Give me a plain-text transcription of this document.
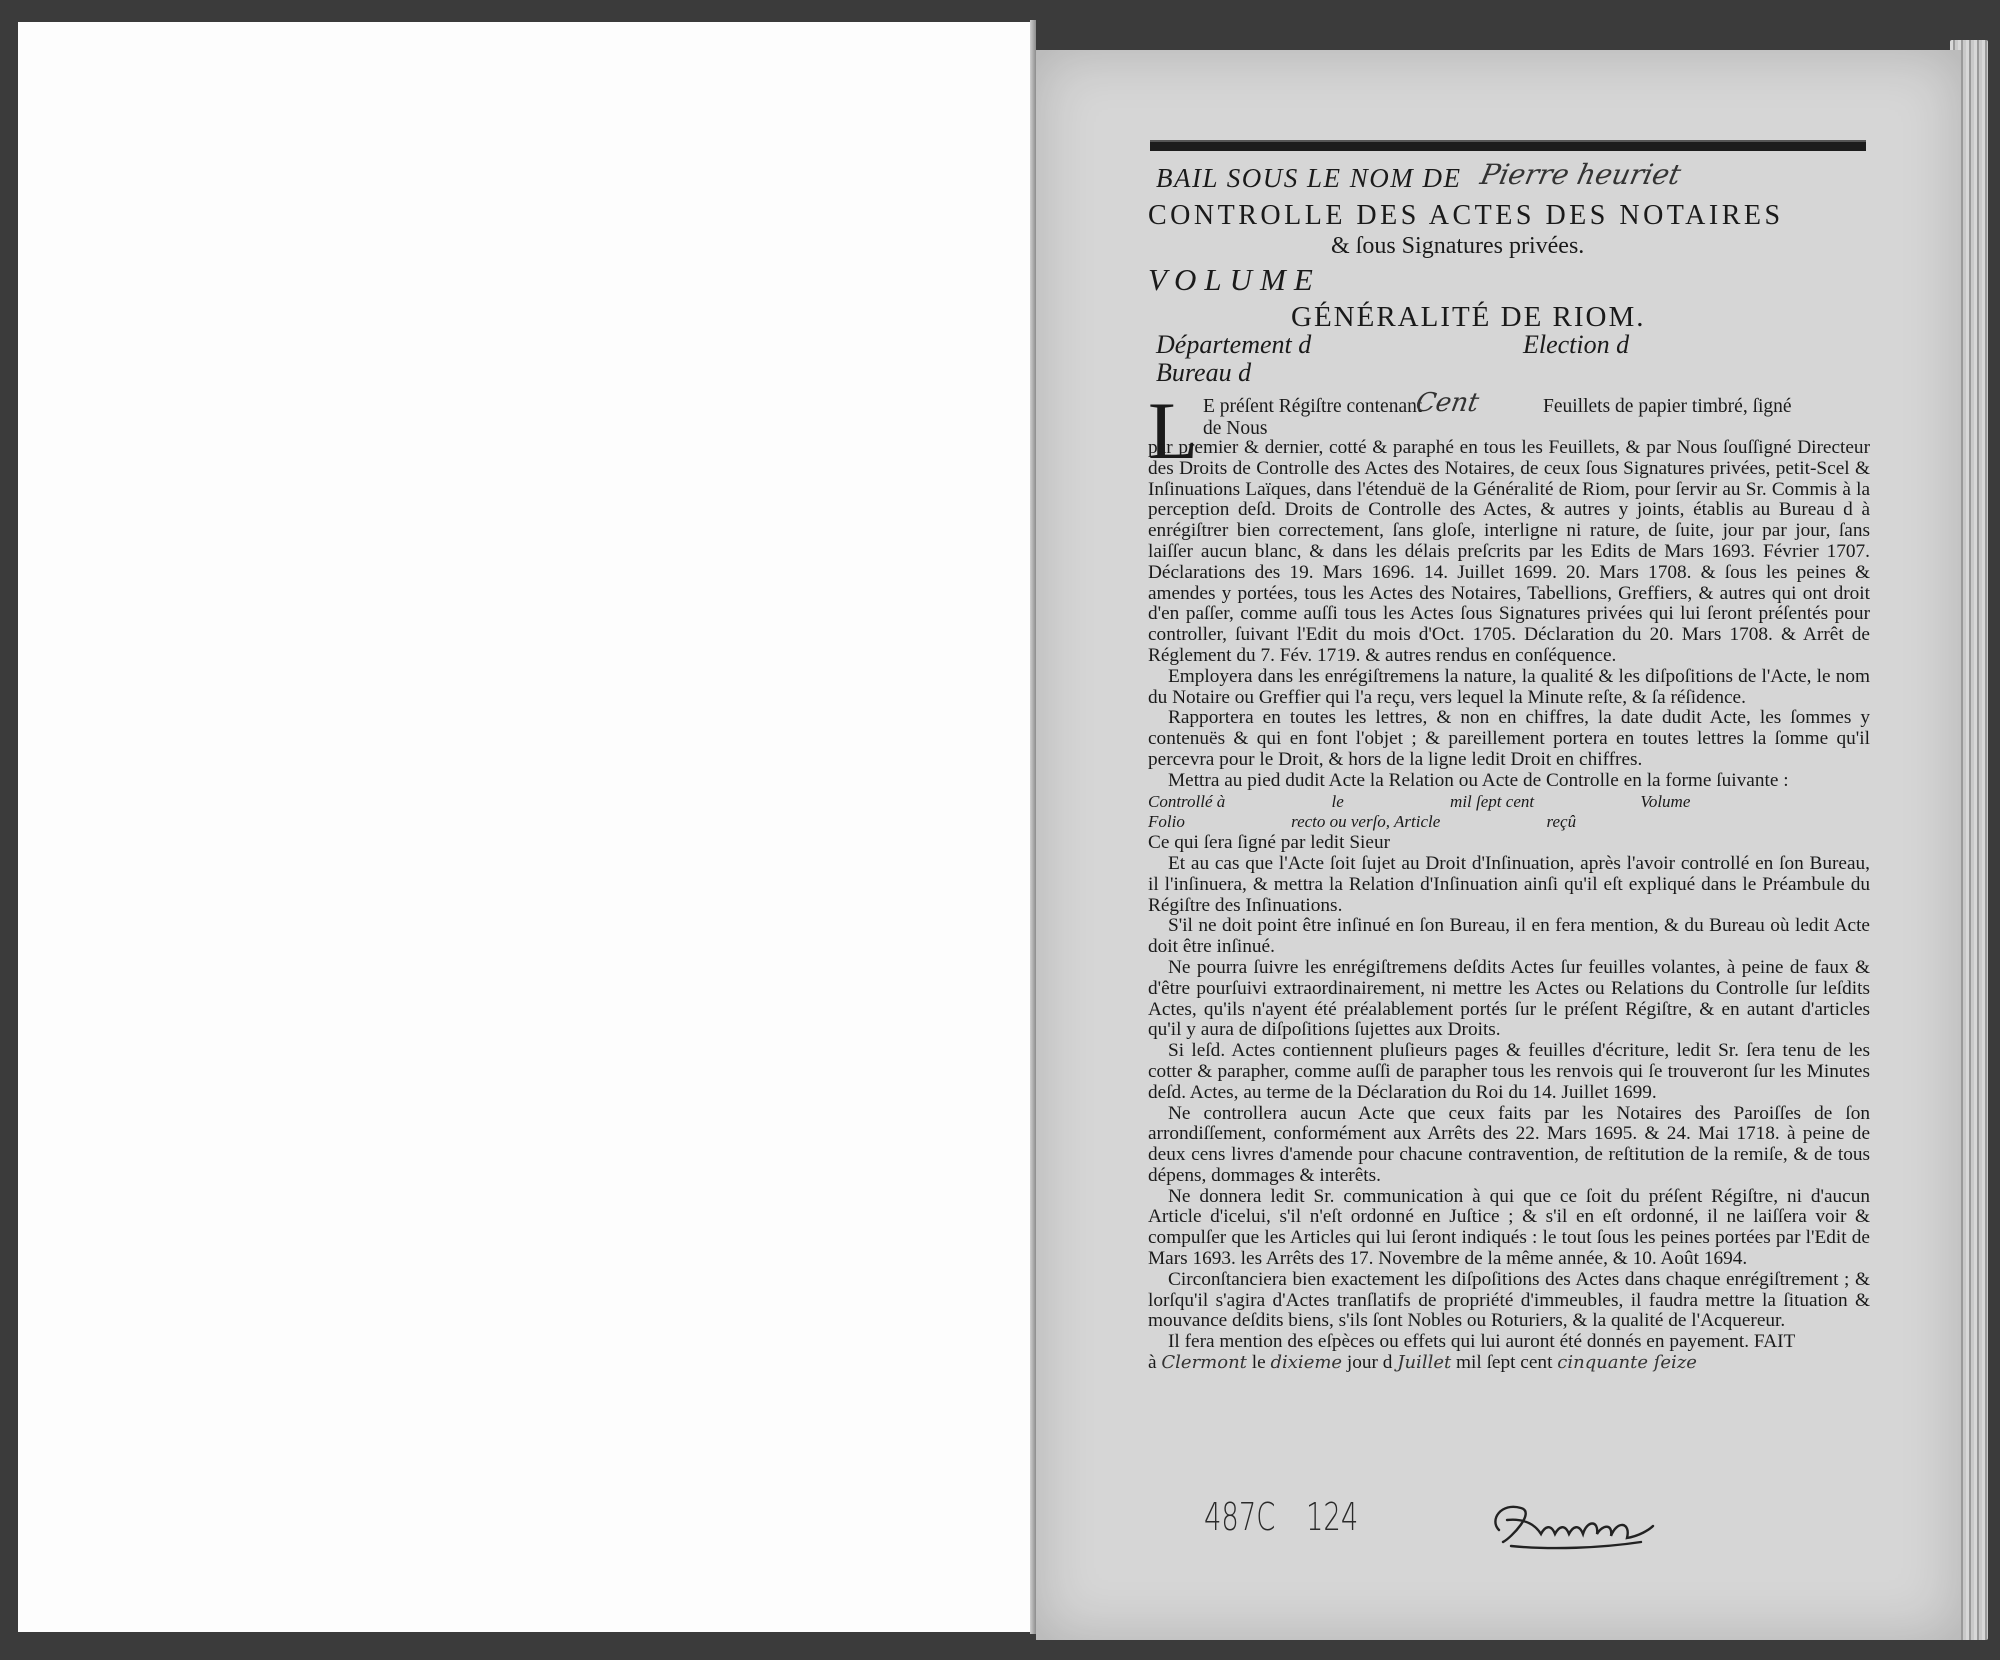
BAIL SOUS LE NOM DE Pierre heuriet
CONTROLLE DES ACTES DES NOTAIRES
& ſous Signatures privées.
VOLUME
GÉNÉRALITÉ DE RIOM.
Département d	Election d
Bureau d
L E préſent Régiſtre contenant
Cent	Feuillets de papier timbré, ſigné
de Nous

par premier & dernier, cotté & paraphé en tous les Feuillets, & par Nous ſouſſigné Directeur des Droits de Controlle des Actes des Notaires, de ceux ſous Signatures privées, petit-Scel & Inſinuations Laïques, dans l'étenduë de la Généralité de Riom, pour ſervir au Sr. Commis à la perception deſd. Droits de Controlle des Actes, & autres y joints, établis au Bureau d à enrégiſtrer bien correctement, ſans gloſe, interligne ni rature, de ſuite, jour par jour, ſans laiſſer aucun blanc, & dans les délais preſcrits par les Edits de Mars 1693. Février 1707. Déclarations des 19. Mars 1696. 14. Juillet 1699. 20. Mars 1708. & ſous les peines & amendes y portées, tous les Actes des Notaires, Tabellions, Greffiers, & autres qui ont droit d'en paſſer, comme auſſi tous les Actes ſous Signatures privées qui lui ſeront préſentés pour controller, ſuivant l'Edit du mois d'Oct. 1705. Déclaration du 20. Mars 1708. & Arrêt de Réglement du 7. Fév. 1719. & autres rendus en conſéquence.

Employera dans les enrégiſtremens la nature, la qualité & les diſpoſitions de l'Acte, le nom du Notaire ou Greffier qui l'a reçu, vers lequel la Minute reſte, & ſa réſidence.

Rapportera en toutes les lettres, & non en chiffres, la date dudit Acte, les ſommes y contenuës & qui en font l'objet ; & pareillement portera en toutes lettres la ſomme qu'il percevra pour le Droit, & hors de la ligne ledit Droit en chiffres.

Mettra au pied dudit Acte la Relation ou Acte de Controlle en la forme ſuivante :

Controllé à                         le                         mil ſept cent                         Volume

Folio                         recto ou verſo, Article                         reçû

Ce qui ſera ſigné par ledit Sieur

Et au cas que l'Acte ſoit ſujet au Droit d'Inſinuation, après l'avoir controllé en ſon Bureau, il l'inſinuera, & mettra la Relation d'Inſinuation ainſi qu'il eſt expliqué dans le Préambule du Régiſtre des Inſinuations.

S'il ne doit point être inſinué en ſon Bureau, il en fera mention, & du Bureau où ledit Acte doit être inſinué.

Ne pourra ſuivre les enrégiſtremens deſdits Actes ſur feuilles volantes, à peine de faux & d'être pourſuivi extraordinairement, ni mettre les Actes ou Relations du Controlle ſur leſdits Actes, qu'ils n'ayent été préalablement portés ſur le préſent Régiſtre, & en autant d'articles qu'il y aura de diſpoſitions ſujettes aux Droits.

Si leſd. Actes contiennent pluſieurs pages & feuilles d'écriture, ledit Sr. ſera tenu de les cotter & parapher, comme auſſi de parapher tous les renvois qui ſe trouveront ſur les Minutes deſd. Actes, au terme de la Déclaration du Roi du 14. Juillet 1699.

Ne controllera aucun Acte que ceux faits par les Notaires des Paroiſſes de ſon arrondiſſement, conformément aux Arrêts des 22. Mars 1695. & 24. Mai 1718. à peine de deux cens livres d'amende pour chacune contravention, de reſtitution de la remiſe, & de tous dépens, dommages & interêts.

Ne donnera ledit Sr. communication à qui que ce ſoit du préſent Régiſtre, ni d'aucun Article d'icelui, s'il n'eſt ordonné en Juſtice ; & s'il en eſt ordonné, il ne laiſſera voir & compulſer que les Articles qui lui ſeront indiqués : le tout ſous les peines portées par l'Edit de Mars 1693. les Arrêts des 17. Novembre de la même année, & 10. Août 1694.

Circonſtanciera bien exactement les diſpoſitions des Actes dans chaque enrégiſtrement ; & lorſqu'il s'agira d'Actes tranſlatifs de propriété d'immeubles, il faudra mettre la ſituation & mouvance deſdits biens, s'ils ſont Nobles ou Roturiers, & la qualité de l'Acquereur.

Il fera mention des eſpèces ou effets qui lui auront été donnés en payement. FAIT

à Clermont le dixieme jour d Juillet mil ſept cent cinquante ſeize

487C 124
